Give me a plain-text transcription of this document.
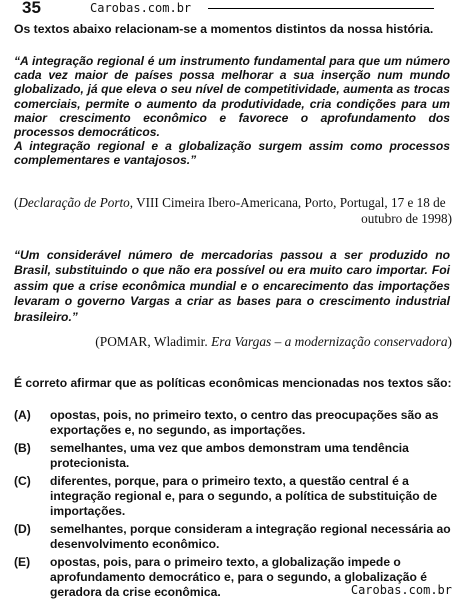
35	Carobas.com.br
Os textos abaixo relacionam-se a momentos distintos da nossa história.

“A integração regional é um instrumento fundamental para que um número cada vez maior de países possa melhorar a sua inserção num mundo globalizado, já que eleva o seu nível de competitividade, aumenta as trocas comerciais, permite o aumento da produtividade, cria condições para um maior crescimento econômico e favorece o aprofundamento dos processos democráticos.

A integração regional e a globalização surgem assim como processos complementares e vantajosos.”

(Declaração de Porto, VIII Cimeira Ibero-Americana, Porto, Portugal, 17 e 18 de
outubro de 1998)
“Um considerável número de mercadorias passou a ser produzido no Brasil, substituindo o que não era possível ou era muito caro importar. Foi assim que a crise econômica mundial e o encarecimento das importações levaram o governo Vargas a criar as bases para o crescimento industrial brasileiro.”
(POMAR, Wladimir. Era Vargas – a modernização conservadora)
É correto afirmar que as políticas econômicas mencionadas nos textos são:
(A)	opostas, pois, no primeiro texto, o centro das preocupações são as exportações e, no segundo, as importações.
(B)	semelhantes, uma vez que ambos demonstram uma tendência protecionista.
(C)	diferentes, porque, para o primeiro texto, a questão central é a integração regional e, para o segundo, a política de substituição de importações.
(D)	semelhantes, porque consideram a integração regional necessária ao desenvolvimento econômico.
(E)	opostas, pois, para o primeiro texto, a globalização impede o aprofundamento democrático e, para o segundo, a globalização é geradora da crise econômica.	Carobas.com.br
